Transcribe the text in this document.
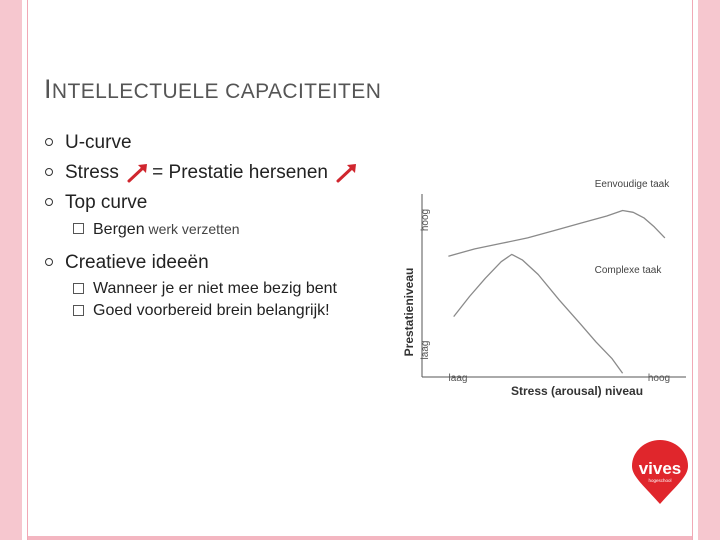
INTELLECTUELE CAPACITEITEN
U-curve
Stress = Prestatie hersenen
Top curve
Bergen werk verzetten
Creatieve ideeën
Wanneer je er niet mee bezig bent
Goed voorbereid brein belangrijk!	Prestatieniveau
hoog
laag
laag	hoog
Stress (arousal) niveau
Eenvoudige taak
Complexe taak
vives
hogeschool
